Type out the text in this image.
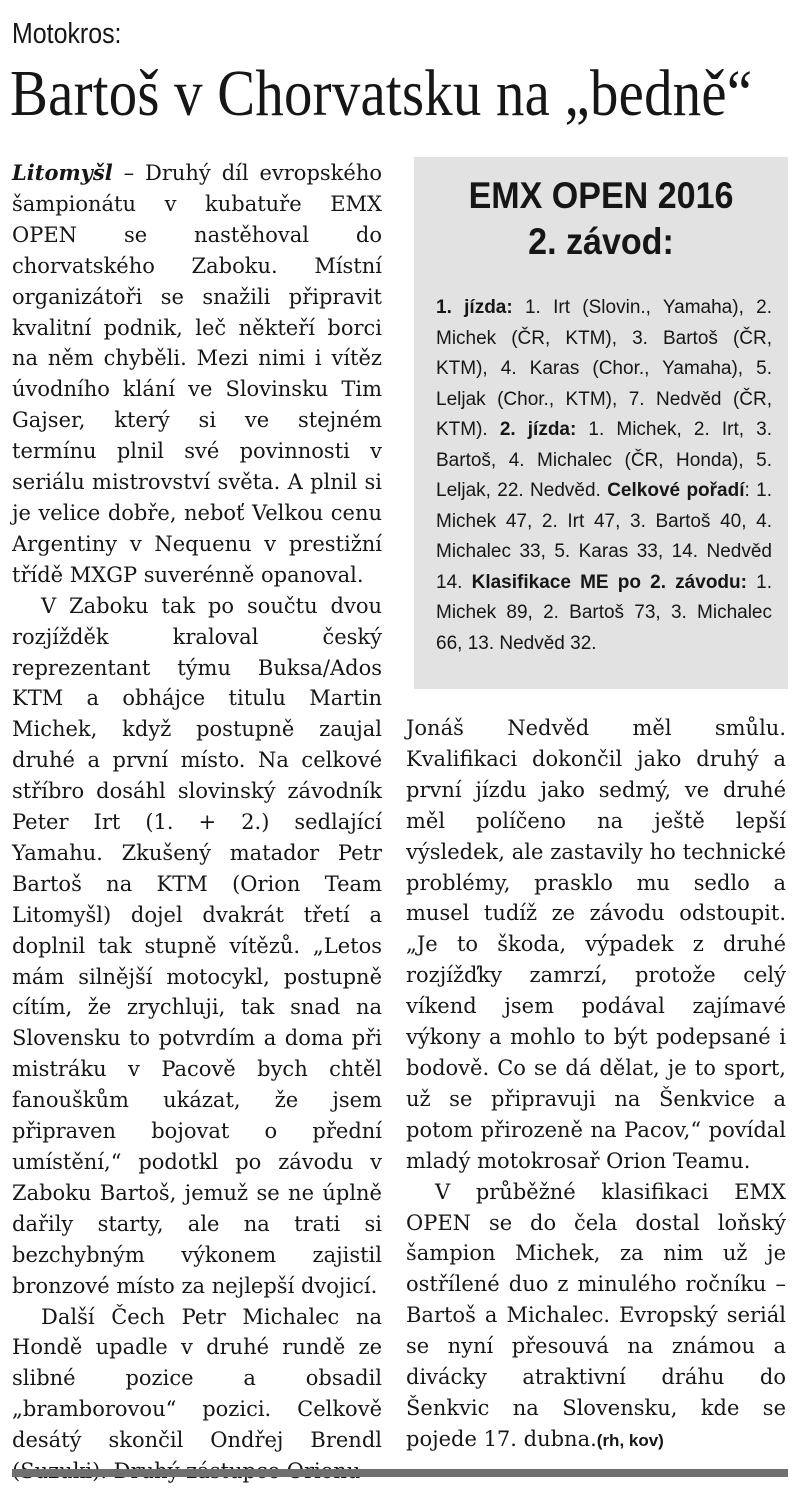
Motokros:
Bartoš v Chorvatsku na „bedně“

Litomyšl – Druhý díl evropského šampionátu v kubatuře EMX OPEN se nastěhoval do chorvatského Zaboku. Místní organizátoři se snažili připravit kvalitní podnik, leč někteří borci na něm chyběli. Mezi nimi i vítěz úvodního klání ve Slovinsku Tim Gajser, který si ve stejném termínu plnil své povinnosti v seriálu mistrovství světa. A plnil si je velice dobře, neboť Velkou cenu Argentiny v Nequenu v prestižní třídě MXGP suverénně opanoval.

V Zaboku tak po součtu dvou rozjížděk kraloval český reprezentant týmu Buksa/Ados KTM a obhájce titulu Martin Michek, když postupně zaujal druhé a první místo. Na celkové stříbro dosáhl slovinský závodník Peter Irt (1. + 2.) sedlající Yamahu. Zkušený matador Petr Bartoš na KTM (Orion Team Litomyšl) dojel dvakrát třetí a doplnil tak stupně vítězů. „Letos mám silnější motocykl, postupně cítím, že zrychluji, tak snad na Slovensku to potvrdím a doma při mistráku v Pacově bych chtěl fanouškům ukázat, že jsem připraven bojovat o přední umístění,“ podotkl po závodu v Zaboku Bartoš, jemuž se ne úplně dařily starty, ale na trati si bezchybným výkonem zajistil bronzové místo za nejlepší dvojicí.

Další Čech Petr Michalec na Hondě upadle v druhé rundě ze slibné pozice a obsadil „bramborovou“ pozici. Celkově desátý skončil Ondřej Brendl

EMX OPEN 2016
2. závod:
1. jízda: 1. Irt (Slovin., Yamaha), 2. Michek (ČR, KTM), 3. Bartoš (ČR, KTM), 4. Karas (Chor., Yamaha), 5. Leljak (Chor., KTM), 7. Nedvěd (ČR, KTM). 2. jízda: 1. Michek, 2. Irt, 3. Bartoš, 4. Michalec (ČR, Honda), 5. Leljak, 22. Nedvěd. Celkové pořadí: 1. Michek 47, 2. Irt 47, 3. Bartoš 40, 4. Michalec 33, 5. Karas 33, 14. Nedvěd 14. Klasifikace ME po 2. závodu: 1. Michek 89, 2. Bartoš 73, 3. Michalec 66, 13. Nedvěd 32.

Jonáš Nedvěd měl smůlu. Kvalifikaci dokončil jako druhý a první jízdu jako sedmý, ve druhé měl políčeno na ještě lepší výsledek, ale zastavily ho technické problémy, prasklo mu sedlo a musel tudíž ze závodu odstoupit. „Je to škoda, výpadek z druhé rozjížďky zamrzí, protože celý víkend jsem podával zajímavé výkony a mohlo to být podepsané i bodově. Co se dá dělat, je to sport, už se připravuji na Šenkvice a potom přirozeně na Pacov,“ povídal mladý motokrosař Orion Teamu.

V průběžné klasifikaci EMX OPEN se do čela dostal loňský šampion Michek, za nim už je ostřílené duo z minulého ročníku – Bartoš a Michalec. Evropský seriál se nyní přesouvá na známou a divácky atraktivní dráhu do Šenkvic na Slovensku, kde se pojede 17. dubna.(rh, kov)
